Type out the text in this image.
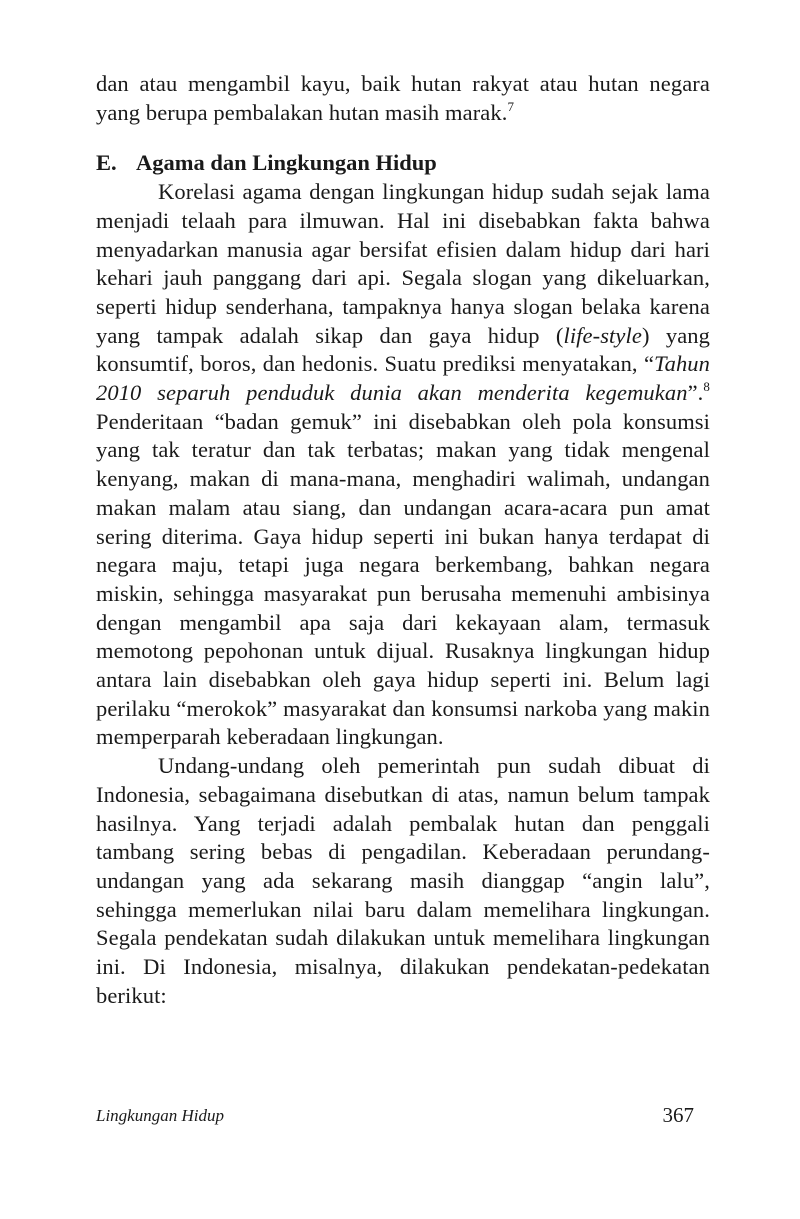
dan atau mengambil kayu, baik hutan rakyat atau hutan negara yang berupa pembalakan hutan masih marak.$^7$

E. Agama dan Lingkungan Hidup

Korelasi agama dengan lingkungan hidup sudah sejak lama menjadi telaah para ilmuwan. Hal ini disebabkan fakta bahwa menyadarkan manusia agar bersifat efisien dalam hidup dari hari kehari jauh panggang dari api. Segala slogan yang dikeluarkan, seperti hidup senderhana, tampaknya hanya slogan belaka karena yang tampak adalah sikap dan gaya hidup (life-style) yang konsumtif, boros, dan hedonis. Suatu prediksi menyatakan, “Tahun 2010 separuh penduduk dunia akan menderita kegemukan”.$^8$ Penderitaan “badan gemuk” ini disebabkan oleh pola konsumsi yang tak teratur dan tak terbatas; makan yang tidak mengenal kenyang, makan di mana-mana, menghadiri walimah, undangan makan malam atau siang, dan undangan acara-acara pun amat sering diterima. Gaya hidup seperti ini bukan hanya terdapat di negara maju, tetapi juga negara berkembang, bahkan negara miskin, sehingga masyarakat pun berusaha memenuhi ambisinya dengan mengambil apa saja dari kekayaan alam, termasuk memotong pepohonan untuk dijual. Rusaknya lingkungan hidup antara lain disebabkan oleh gaya hidup seperti ini. Belum lagi perilaku “merokok” masyarakat dan konsumsi narkoba yang makin memperparah keberadaan lingkungan.

Undang-undang oleh pemerintah pun sudah dibuat di Indonesia, sebagaimana disebutkan di atas, namun belum tampak hasilnya. Yang terjadi adalah pembalak hutan dan penggali tambang sering bebas di pengadilan. Keberadaan perundang-undangan yang ada sekarang masih dianggap “angin lalu”, sehingga memerlukan nilai baru dalam memelihara lingkungan. Segala pendekatan sudah dilakukan untuk memelihara lingkungan ini. Di Indonesia, misalnya, dilakukan pendekatan-pedekatan berikut:

Lingkungan Hidup	367
